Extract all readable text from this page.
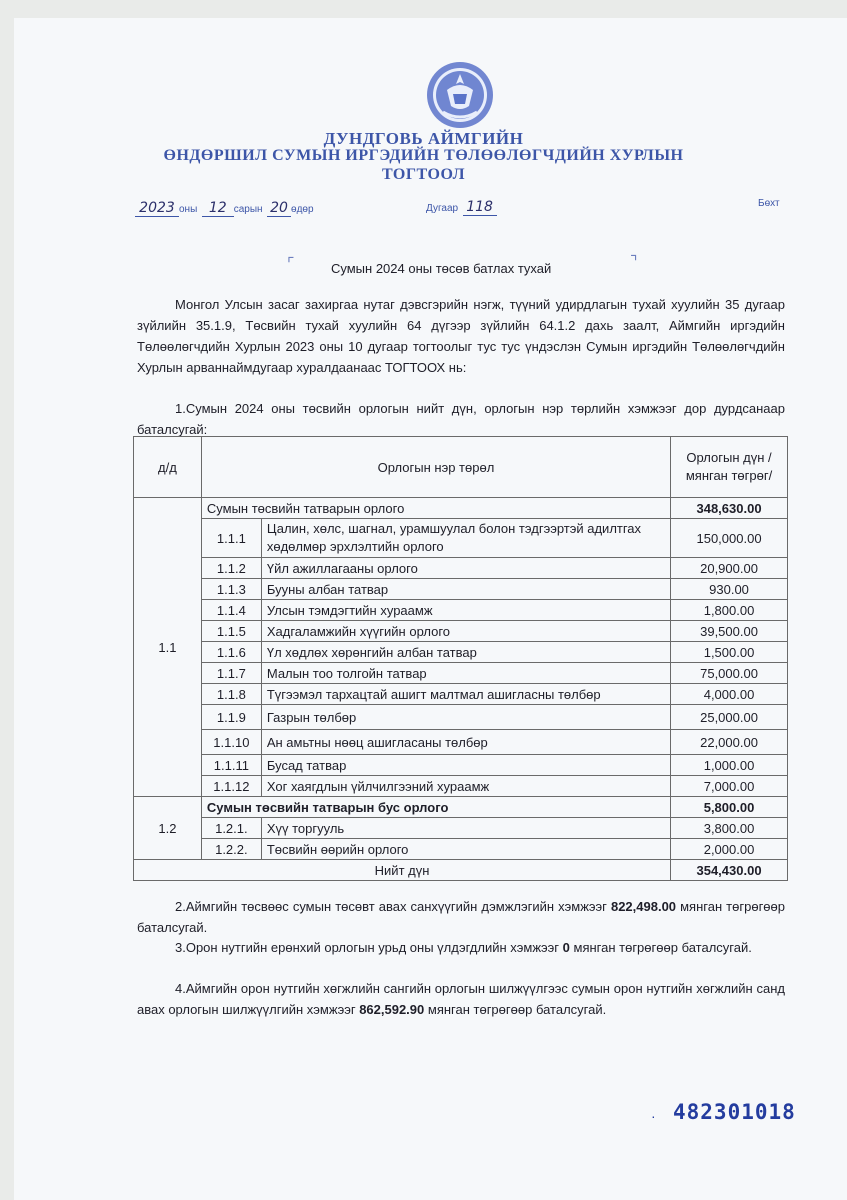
ДУНДГОВЬ АЙМГИЙН
ӨНДӨРШИЛ СУМЫН ИРГЭДИЙН ТӨЛӨӨЛӨГЧДИЙН ХУРЛЫН
ТОГТООЛ
2023 оны 12 сарын 20 өдөр	Дугаар 118	Бөхт
⌜	Сумын 2024 оны төсөв батлах тухай	⌝
Монгол Улсын засаг захиргаа нутаг дэвсгэрийн нэгж, түүний удирдлагын тухай хуулийн 35 дугаар зүйлийн 35.1.9, Төсвийн тухай хуулийн 64 дүгээр зүйлийн 64.1.2 дахь заалт, Аймгийн иргэдийн Төлөөлөгчдийн Хурлын 2023 оны 10 дугаар тогтоолыг тус тус үндэслэн Сумын иргэдийн Төлөөлөгчдийн Хурлын арваннаймдугаар хуралдаанаас ТОГТООХ нь:
1.Сумын 2024 оны төсвийн орлогын нийт дүн, орлогын нэр төрлийн хэмжээг дор дурдсанаар баталсугай:
д/д	Орлогын нэр төрөл		Орлогын дүн /мянган төгрөг/
1.1	Сумын төсвийн татварын орлого		348,630.00
	1.1.1	Цалин, хөлс, шагнал, урамшуулал болон тэдгээртэй адилтгах хөдөлмөр эрхлэлтийн орлого	150,000.00
	1.1.2	Үйл ажиллагааны орлого	20,900.00
	1.1.3	Бууны албан татвар	930.00
	1.1.4	Улсын тэмдэгтийн хураамж	1,800.00
	1.1.5	Хадгаламжийн хүүгийн орлого	39,500.00
	1.1.6	Үл хөдлөх хөрөнгийн албан татвар	1,500.00
	1.1.7	Малын тоо толгойн татвар	75,000.00
	1.1.8	Түгээмэл тархацтай ашигт малтмал ашигласны төлбөр	4,000.00
	1.1.9	Газрын төлбөр	25,000.00
	1.1.10	Ан амьтны нөөц ашигласаны төлбөр	22,000.00
	1.1.11	Бусад татвар	1,000.00
	1.1.12	Хог хаягдлын үйлчилгээний хураамж	7,000.00
1.2	Сумын төсвийн татварын бус орлого		5,800.00
	1.2.1.	Хүү торгууль	3,800.00
	1.2.2.	Төсвийн өөрийн орлого	2,000.00
Нийт дүн			354,430.00
2.Аймгийн төсвөөс сумын төсөвт авах санхүүгийн дэмжлэгийн хэмжээг 822,498.00 мянган төгрөгөөр баталсугай.
3.Орон нутгийн ерөнхий орлогын урьд оны үлдэгдлийн хэмжээг 0 мянган төгрөгөөр баталсугай.
4.Аймгийн орон нутгийн хөгжлийн сангийн орлогын шилжүүлгээс сумын орон нутгийн хөгжлийн санд авах орлогын шилжүүлгийн хэмжээг 862,592.90 мянган төгрөгөөр баталсугай.
· 482301018
